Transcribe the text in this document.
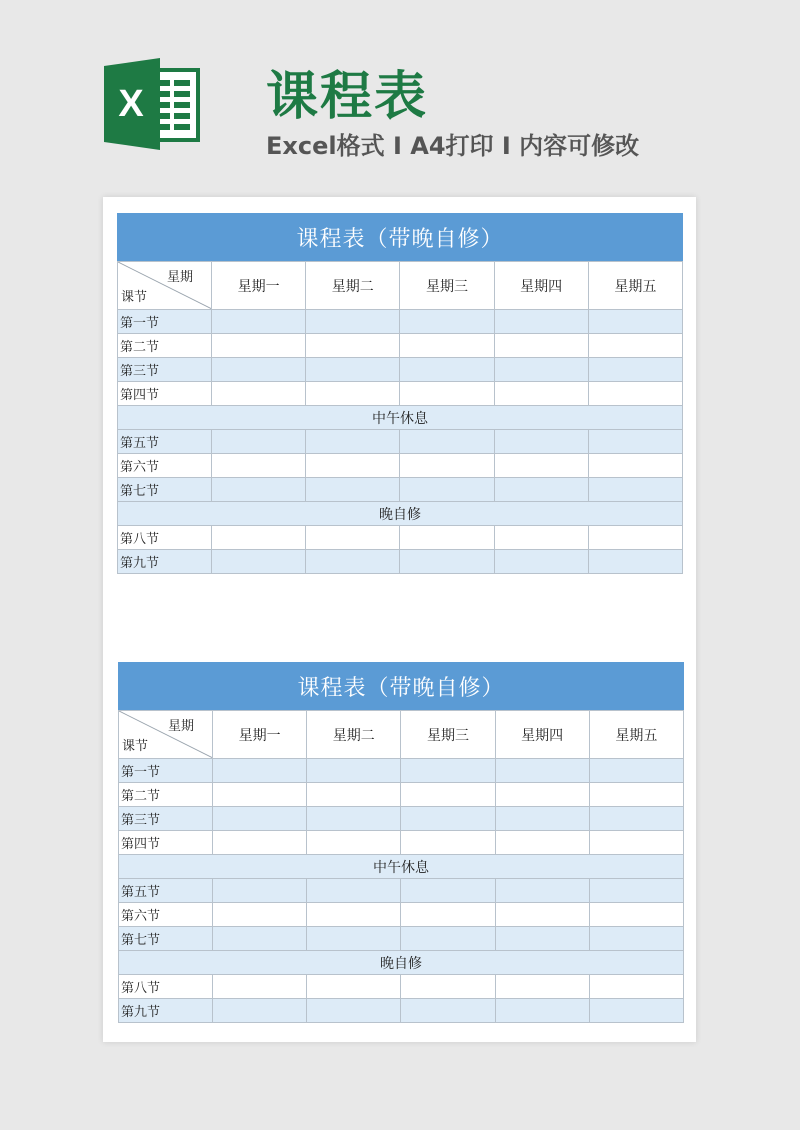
X 课程表
Excel格式 I A4打印 I 内容可修改
课程表（带晚自修）
星期
课节	星期一	星期二	星期三	星期四	星期五
第一节					
第二节					
第三节					
第四节					
中午休息					
第五节					
第六节					
第七节					
晚自修					
第八节					
第九节					
课程表（带晚自修）
星期
课节	星期一	星期二	星期三	星期四	星期五
第一节					
第二节					
第三节					
第四节					
中午休息					
第五节					
第六节					
第七节					
晚自修					
第八节					
第九节					
